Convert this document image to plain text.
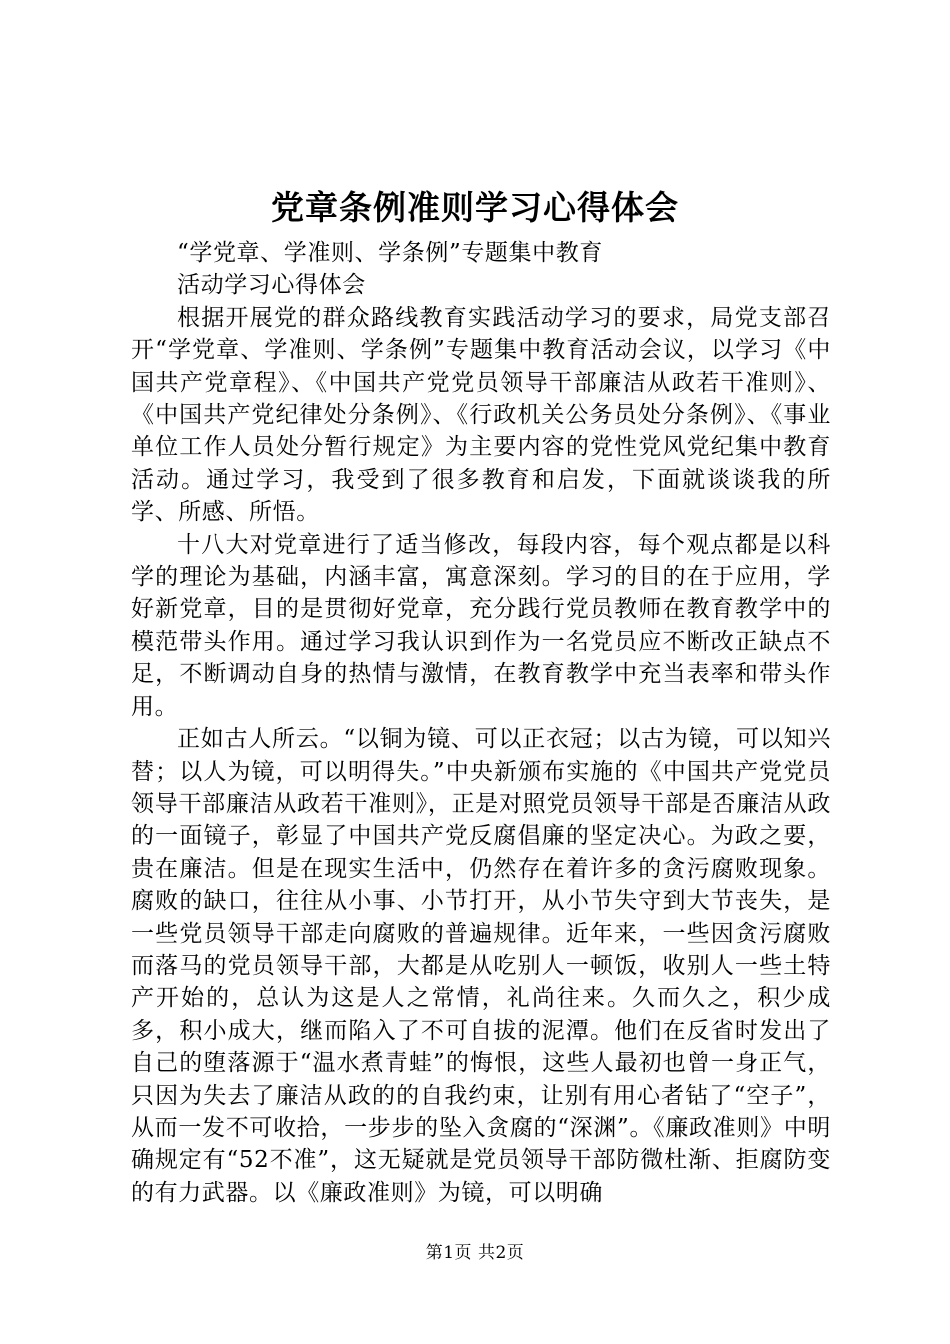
党章条例准则学习心得体会

“学党章、学准则、学条例”专题集中教育

活动学习心得体会

根据开展党的群众路线教育实践活动学习的要求，局党支部召开“学党章、学准则、学条例”专题集中教育活动会议，以学习《中国共产党章程》、《中国共产党党员领导干部廉洁从政若干准则》、《中国共产党纪律处分条例》、《行政机关公务员处分条例》、《事业单位工作人员处分暂行规定》为主要内容的党性党风党纪集中教育活动。通过学习，我受到了很多教育和启发，下面就谈谈我的所学、所感、所悟。

十八大对党章进行了适当修改，每段内容，每个观点都是以科学的理论为基础，内涵丰富，寓意深刻。学习的目的在于应用，学好新党章，目的是贯彻好党章，充分践行党员教师在教育教学中的模范带头作用。通过学习我认识到作为一名党员应不断改正缺点不足，不断调动自身的热情与激情，在教育教学中充当表率和带头作用。

正如古人所云。“以铜为镜、可以正衣冠；以古为镜，可以知兴替；以人为镜，可以明得失。”中央新颁布实施的《中国共产党党员领导干部廉洁从政若干准则》，正是对照党员领导干部是否廉洁从政的一面镜子，彰显了中国共产党反腐倡廉的坚定决心。为政之要，贵在廉洁。但是在现实生活中，仍然存在着许多的贪污腐败现象。腐败的缺口，往往从小事、小节打开，从小节失守到大节丧失，是一些党员领导干部走向腐败的普遍规律。近年来，一些因贪污腐败而落马的党员领导干部，大都是从吃别人一顿饭，收别人一些土特产开始的，总认为这是人之常情，礼尚往来。久而久之，积少成多，积小成大，继而陷入了不可自拔的泥潭。他们在反省时发出了自己的堕落源于“温水煮青蛙”的悔恨，这些人最初也曾一身正气，只因为失去了廉洁从政的的自我约束，让别有用心者钻了“空子”，从而一发不可收拾，一步步的坠入贪腐的“深渊”。《廉政准则》中明确规定有“52不准”，这无疑就是党员领导干部防微杜渐、拒腐防变的有力武器。以《廉政准则》为镜，可以明确

第1页 共2页
